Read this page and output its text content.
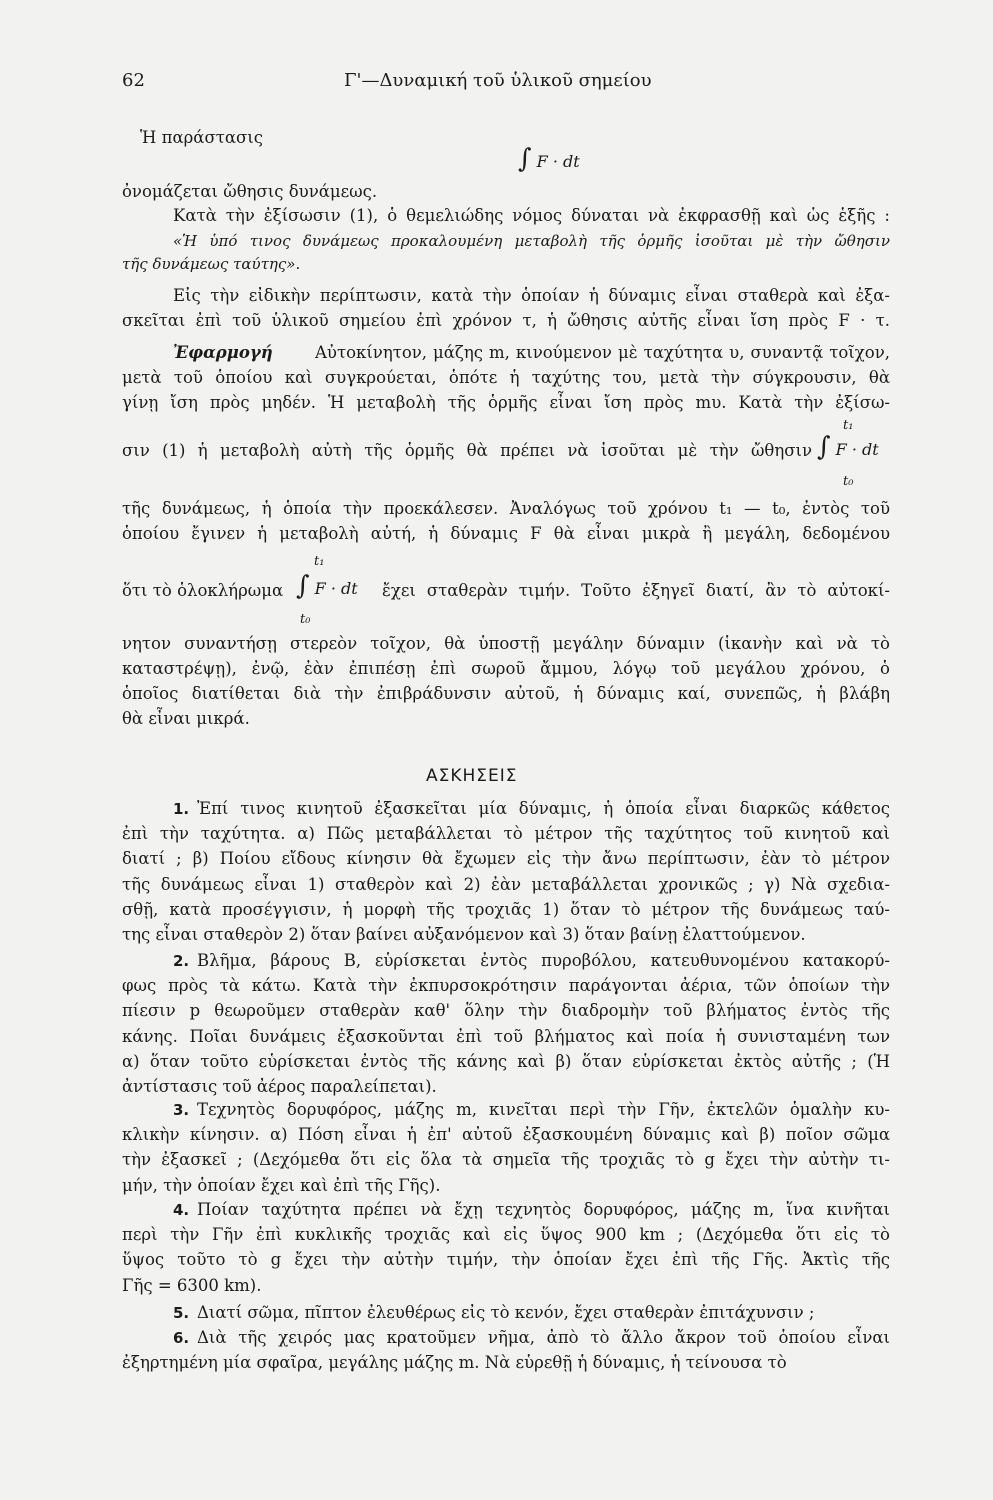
62	Γ'—Δυναμική τοῦ ὑλικοῦ σημείου
Ἡ παράστασις
∫ F · dt
ὀνομάζεται ὤθησις δυνάμεως.
Κατὰ τὴν ἐξίσωσιν (1), ὁ θεμελιώδης νόμος δύναται νὰ ἐκφρασθῇ καὶ ὡς ἑξῆς :
«Ἡ ὑπό τινος δυνάμεως προκαλουμένη μεταβολὴ τῆς ὁρμῆς ἰσοῦται μὲ τὴν ὤθησιν
τῆς δυνάμεως ταύτης».
Εἰς τὴν εἰδικὴν περίπτωσιν, κατὰ τὴν ὁποίαν ἡ δύναμις εἶναι σταθερὰ καὶ ἐξα-
σκεῖται ἐπὶ τοῦ ὑλικοῦ σημείου ἐπὶ χρόνον τ, ἡ ὤθησις αὐτῆς εἶναι ἴση πρὸς F · τ.
Ἐφαρμογή	Αὐτοκίνητον, μάζης m, κινούμενον μὲ ταχύτητα υ, συναντᾷ τοῖχον,
μετὰ τοῦ ὁποίου καὶ συγκρούεται, ὁπότε ἡ ταχύτης του, μετὰ τὴν σύγκρουσιν, θὰ
γίνῃ ἴση πρὸς μηδέν. Ἡ μεταβολὴ τῆς ὁρμῆς εἶναι ἴση πρὸς mυ. Κατὰ τὴν ἐξίσω-
t₁
σιν (1) ἡ μεταβολὴ αὐτὴ τῆς ὁρμῆς θὰ πρέπει νὰ ἰσοῦται μὲ τὴν ὤθησιν ∫ F · dt
t₀
τῆς δυνάμεως, ἡ ὁποία τὴν προεκάλεσεν. Ἀναλόγως τοῦ χρόνου t₁ — t₀, ἐντὸς τοῦ
ὁποίου ἔγινεν ἡ μεταβολὴ αὐτή, ἡ δύναμις F θὰ εἶναι μικρὰ ἢ μεγάλη, δεδομένου
t₁
ὅτι τὸ ὁλοκλήρωμα ∫ F · dt ἔχει σταθερὰν τιμήν. Τοῦτο ἐξηγεῖ διατί, ἂν τὸ αὐτοκί-
t₀
νητον συναντήσῃ στερεὸν τοῖχον, θὰ ὑποστῇ μεγάλην δύναμιν (ἱκανὴν καὶ νὰ τὸ
καταστρέψῃ), ἐνῷ, ἐὰν ἐπιπέσῃ ἐπὶ σωροῦ ἄμμου, λόγῳ τοῦ μεγάλου χρόνου, ὁ
ὁποῖος διατίθεται διὰ τὴν ἐπιβράδυνσιν αὐτοῦ, ἡ δύναμις καί, συνεπῶς, ἡ βλάβη
θὰ εἶναι μικρά.
ΑΣΚΗΣΕΙΣ
1. Ἐπί τινος κινητοῦ ἐξασκεῖται μία δύναμις, ἡ ὁποία εἶναι διαρκῶς κάθετος
ἐπὶ τὴν ταχύτητα. α) Πῶς μεταβάλλεται τὸ μέτρον τῆς ταχύτητος τοῦ κινητοῦ καὶ
διατί ; β) Ποίου εἴδους κίνησιν θὰ ἔχωμεν εἰς τὴν ἄνω περίπτωσιν, ἐὰν τὸ μέτρον
τῆς δυνάμεως εἶναι 1) σταθερὸν καὶ 2) ἐὰν μεταβάλλεται χρονικῶς ; γ) Νὰ σχεδια-
σθῇ, κατὰ προσέγγισιν, ἡ μορφὴ τῆς τροχιᾶς 1) ὅταν τὸ μέτρον τῆς δυνάμεως ταύ-
της εἶναι σταθερὸν 2) ὅταν βαίνει αὐξανόμενον καὶ 3) ὅταν βαίνῃ ἐλαττούμενον.
2. Βλῆμα, βάρους B, εὑρίσκεται ἐντὸς πυροβόλου, κατευθυνομένου κατακορύ-
φως πρὸς τὰ κάτω. Κατὰ τὴν ἐκπυρσοκρότησιν παράγονται ἀέρια, τῶν ὁποίων τὴν
πίεσιν p θεωροῦμεν σταθερὰν καθ' ὅλην τὴν διαδρομὴν τοῦ βλήματος ἐντὸς τῆς
κάνης. Ποῖαι δυνάμεις ἐξασκοῦνται ἐπὶ τοῦ βλήματος καὶ ποία ἡ συνισταμένη των
α) ὅταν τοῦτο εὑρίσκεται ἐντὸς τῆς κάνης καὶ β) ὅταν εὑρίσκεται ἐκτὸς αὐτῆς ; (Ἡ
ἀντίστασις τοῦ ἀέρος παραλείπεται).
3. Τεχνητὸς δορυφόρος, μάζης m, κινεῖται περὶ τὴν Γῆν, ἐκτελῶν ὁμαλὴν κυ-
κλικὴν κίνησιν. α) Πόση εἶναι ἡ ἐπ' αὐτοῦ ἐξασκουμένη δύναμις καὶ β) ποῖον σῶμα
τὴν ἐξασκεῖ ; (Δεχόμεθα ὅτι εἰς ὅλα τὰ σημεῖα τῆς τροχιᾶς τὸ g ἔχει τὴν αὐτὴν τι-
μήν, τὴν ὁποίαν ἔχει καὶ ἐπὶ τῆς Γῆς).
4. Ποίαν ταχύτητα πρέπει νὰ ἔχῃ τεχνητὸς δορυφόρος, μάζης m, ἵνα κινῆται
περὶ τὴν Γῆν ἐπὶ κυκλικῆς τροχιᾶς καὶ εἰς ὕψος 900 km ; (Δεχόμεθα ὅτι εἰς τὸ
ὕψος τοῦτο τὸ g ἔχει τὴν αὐτὴν τιμήν, τὴν ὁποίαν ἔχει ἐπὶ τῆς Γῆς. Ἀκτὶς τῆς
Γῆς = 6300 km).
5. Διατί σῶμα, πῖπτον ἐλευθέρως εἰς τὸ κενόν, ἔχει σταθερὰν ἐπιτάχυνσιν ;
6. Διὰ τῆς χειρός μας κρατοῦμεν νῆμα, ἀπὸ τὸ ἄλλο ἄκρον τοῦ ὁποίου εἶναι
ἐξηρτημένη μία σφαῖρα, μεγάλης μάζης m. Νὰ εὑρεθῇ ἡ δύναμις, ἡ τείνουσα τὸ
